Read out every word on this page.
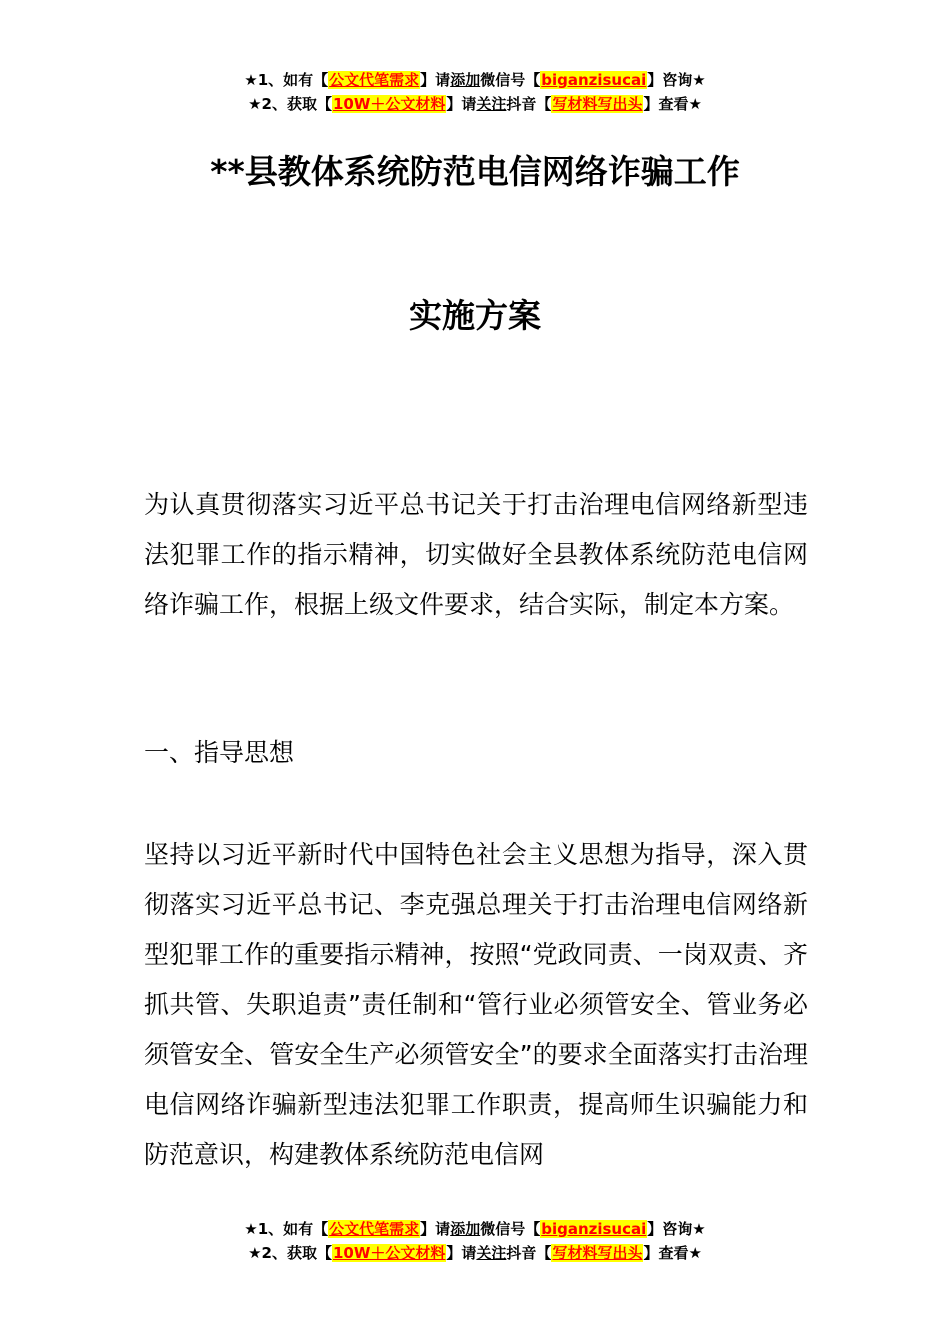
★1、如有【公文代笔需求】请添加微信号【biganzisucai】咨询★
★2、获取【10W＋公文材料】请关注抖音【写材料写出头】查看★
**县教体系统防范电信网络诈骗工作
实施方案
为认真贯彻落实习近平总书记关于打击治理电信网络新型违法犯罪工作的指示精神，切实做好全县教体系统防范电信网络诈骗工作，根据上级文件要求，结合实际，制定本方案。
一、指导思想
坚持以习近平新时代中国特色社会主义思想为指导，深入贯彻落实习近平总书记、李克强总理关于打击治理电信网络新型犯罪工作的重要指示精神，按照“党政同责、一岗双责、齐抓共管、失职追责”责任制和“管行业必须管安全、管业务必须管安全、管安全生产必须管安全”的要求全面落实打击治理电信网络诈骗新型违法犯罪工作职责，提高师生识骗能力和防范意识，构建教体系统防范电信网
★1、如有【公文代笔需求】请添加微信号【biganzisucai】咨询★
★2、获取【10W＋公文材料】请关注抖音【写材料写出头】查看★
